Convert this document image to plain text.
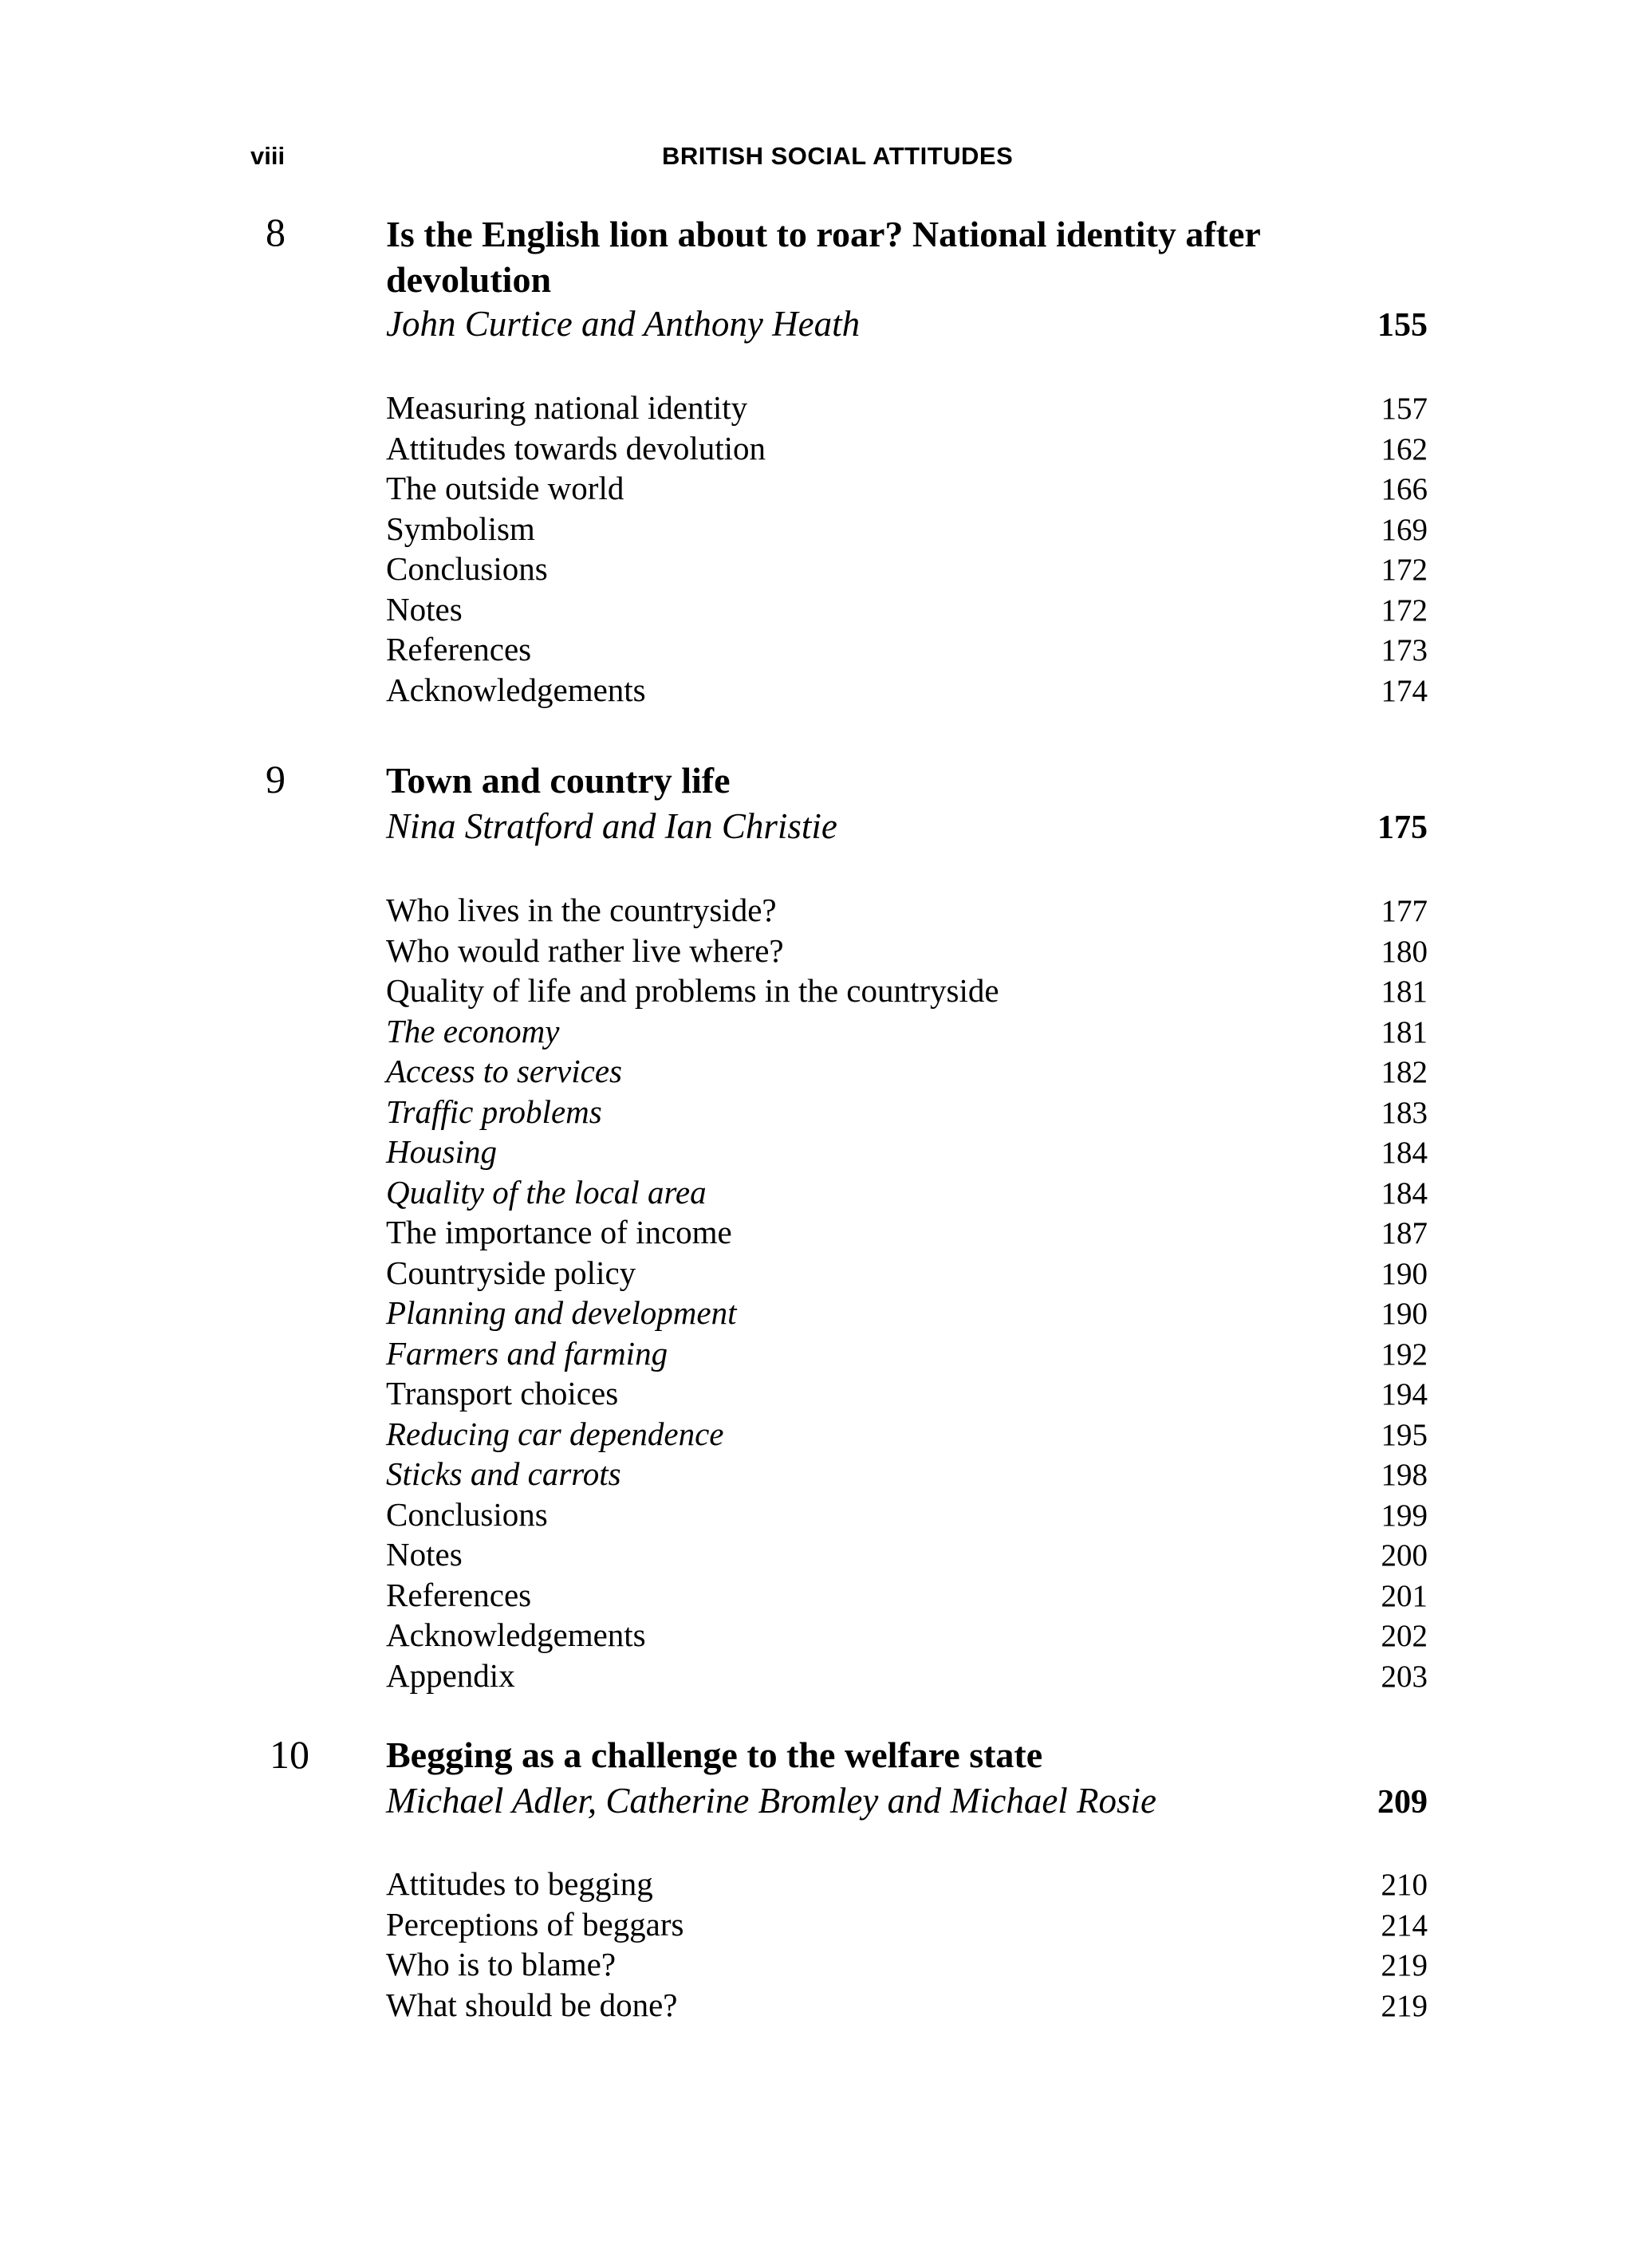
viii	BRITISH SOCIAL ATTITUDES
8	Is the English lion about to roar? National identity after devolution
John Curtice and Anthony Heath	155
Measuring national identity	157
Attitudes towards devolution	162
The outside world	166
Symbolism	169
Conclusions	172
Notes	172
References	173
Acknowledgements	174
9	Town and country life
Nina Stratford and Ian Christie	175
Who lives in the countryside?	177
Who would rather live where?	180
Quality of life and problems in the countryside	181
The economy	181
Access to services	182
Traffic problems	183
Housing	184
Quality of the local area	184
The importance of income	187
Countryside policy	190
Planning and development	190
Farmers and farming	192
Transport choices	194
Reducing car dependence	195
Sticks and carrots	198
Conclusions	199
Notes	200
References	201
Acknowledgements	202
Appendix	203
10 Begging as a challenge to the welfare state
Michael Adler, Catherine Bromley and Michael Rosie	209
Attitudes to begging	210
Perceptions of beggars	214
Who is to blame?	219
What should be done?	219
